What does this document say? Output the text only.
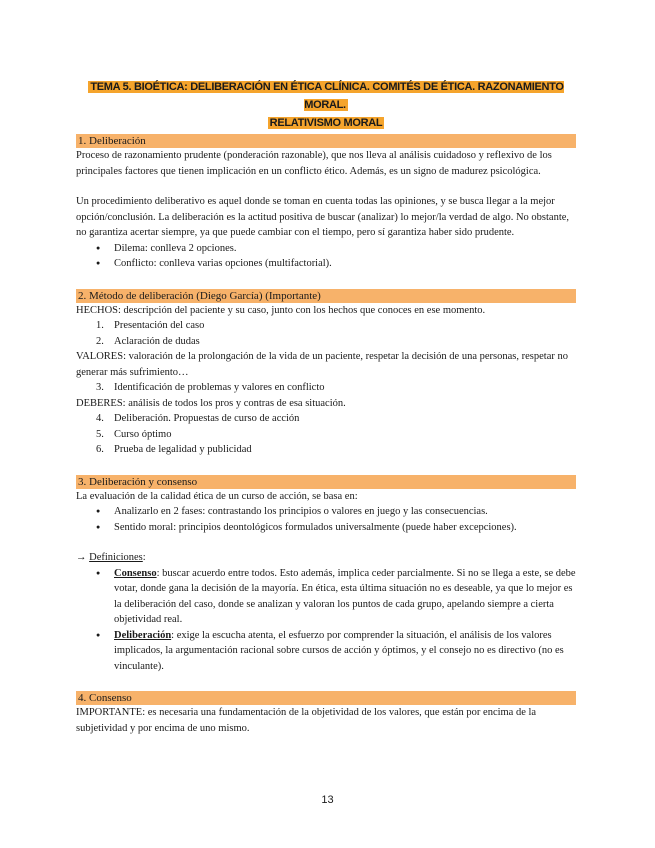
TEMA 5. BIOÉTICA: DELIBERACIÓN EN ÉTICA CLÍNICA. COMITÉS DE ÉTICA. RAZONAMIENTO MORAL.
RELATIVISMO MORAL
1. Deliberación

Proceso de razonamiento prudente (ponderación razonable), que nos lleva al análisis cuidadoso y reflexivo de los principales factores que tienen implicación en un conflicto ético. Además, es un signo de madurez psicológica.

Un procedimiento deliberativo es aquel donde se toman en cuenta todas las opiniones, y se busca llegar a la mejor opción/conclusión. La deliberación es la actitud positiva de buscar (analizar) lo mejor/la verdad de algo. No obstante, no garantiza acertar siempre, ya que puede cambiar con el tiempo, pero sí garantiza haber sido prudente.

● Dilema: conlleva 2 opciones.
● Conflicto: conlleva varias opciones (multifactorial).
2. Método de deliberación (Diego García) (Importante)

HECHOS: descripción del paciente y su caso, junto con los hechos que conoces en ese momento.

1. Presentación del caso
2. Aclaración de dudas

VALORES: valoración de la prolongación de la vida de un paciente, respetar la decisión de una personas, respetar no generar más sufrimiento…

3. Identificación de problemas y valores en conflicto

DEBERES: análisis de todos los pros y contras de esa situación.

4. Deliberación. Propuestas de curso de acción
5. Curso óptimo
6. Prueba de legalidad y publicidad
3. Deliberación y consenso

La evaluación de la calidad ética de un curso de acción, se basa en:

● Analizarlo en 2 fases: contrastando los principios o valores en juego y las consecuencias.
● Sentido moral: principios deontológicos formulados universalmente (puede haber excepciones).

→ Definiciones:

● Consenso: buscar acuerdo entre todos. Esto además, implica ceder parcialmente. Si no se llega a este, se debe votar, donde gana la decisión de la mayoría. En ética, esta última situación no es deseable, ya que lo mejor es la deliberación del caso, donde se analizan y valoran los puntos de cada grupo, apelando siempre a cierta objetividad real.
● Deliberación: exige la escucha atenta, el esfuerzo por comprender la situación, el análisis de los valores implicados, la argumentación racional sobre cursos de acción y óptimos, y el consejo no es directivo (no es vinculante).
4. Consenso

IMPORTANTE: es necesaria una fundamentación de la objetividad de los valores, que están por encima de la subjetividad y por encima de uno mismo.

13
